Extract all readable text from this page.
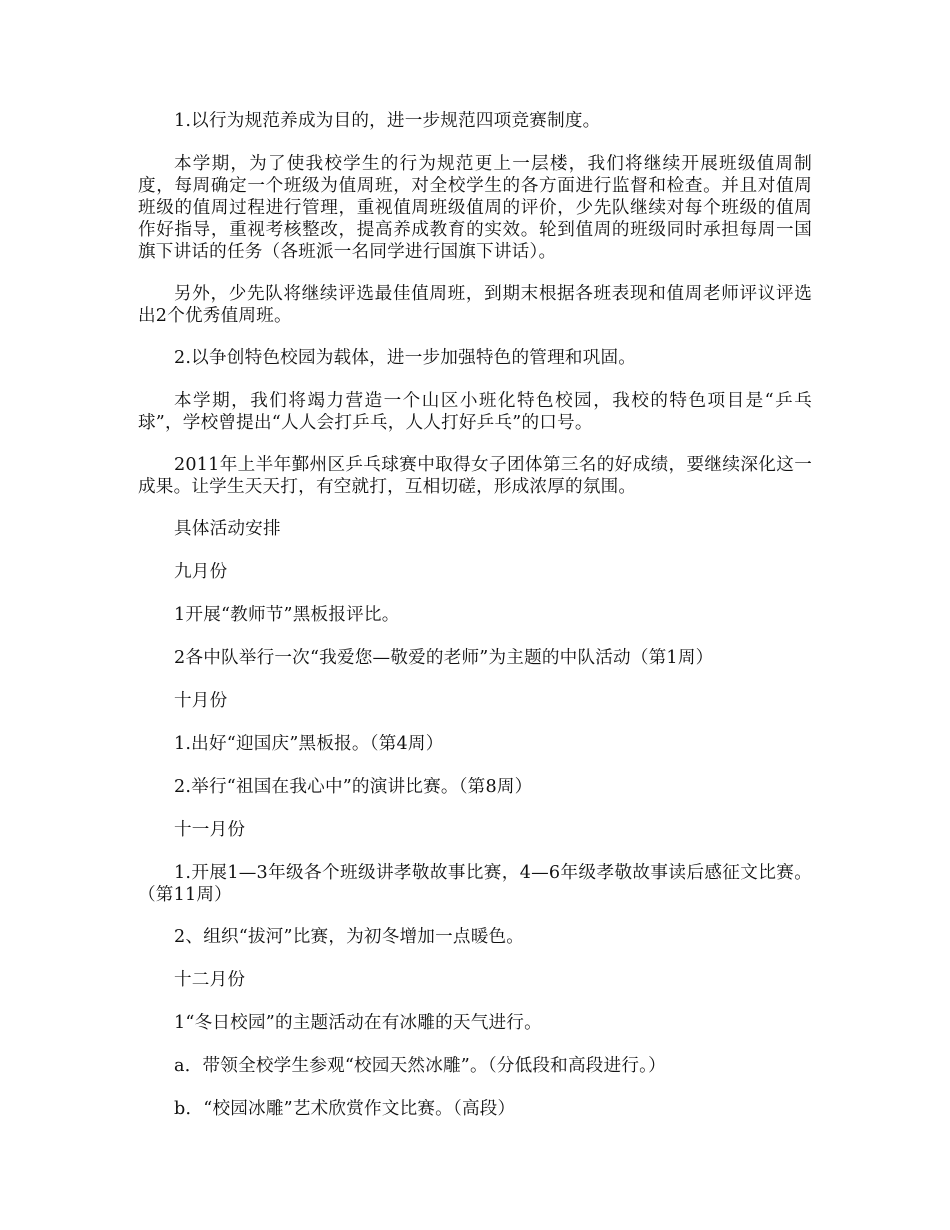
1.以行为规范养成为目的，进一步规范四项竞赛制度。

本学期，为了使我校学生的行为规范更上一层楼，我们将继续开展班级值周制度，每周确定一个班级为值周班，对全校学生的各方面进行监督和检查。并且对值周班级的值周过程进行管理，重视值周班级值周的评价，少先队继续对每个班级的值周作好指导，重视考核整改，提高养成教育的实效。轮到值周的班级同时承担每周一国旗下讲话的任务（各班派一名同学进行国旗下讲话）。

另外，少先队将继续评选最佳值周班，到期末根据各班表现和值周老师评议评选出2个优秀值周班。

2.以争创特色校园为载体，进一步加强特色的管理和巩固。

本学期，我们将竭力营造一个山区小班化特色校园，我校的特色项目是“乒乓球”，学校曾提出“人人会打乒乓，人人打好乒乓”的口号。

2011年上半年鄞州区乒乓球赛中取得女子团体第三名的好成绩，要继续深化这一成果。让学生天天打，有空就打，互相切磋，形成浓厚的氛围。

具体活动安排

九月份

1开展“教师节”黑板报评比。

2各中队举行一次“我爱您—敬爱的老师”为主题的中队活动（第1周）

十月份

1.出好“迎国庆”黑板报。（第4周）

2.举行“祖国在我心中”的演讲比赛。（第8周）

十一月份

1.开展1—3年级各个班级讲孝敬故事比赛，4—6年级孝敬故事读后感征文比赛。（第11周）

2、组织“拔河”比赛，为初冬增加一点暖色。

十二月份

1“冬日校园”的主题活动在有冰雕的天气进行。

a．带领全校学生参观“校园天然冰雕”。（分低段和高段进行。）

b．“校园冰雕”艺术欣赏作文比赛。（高段）
